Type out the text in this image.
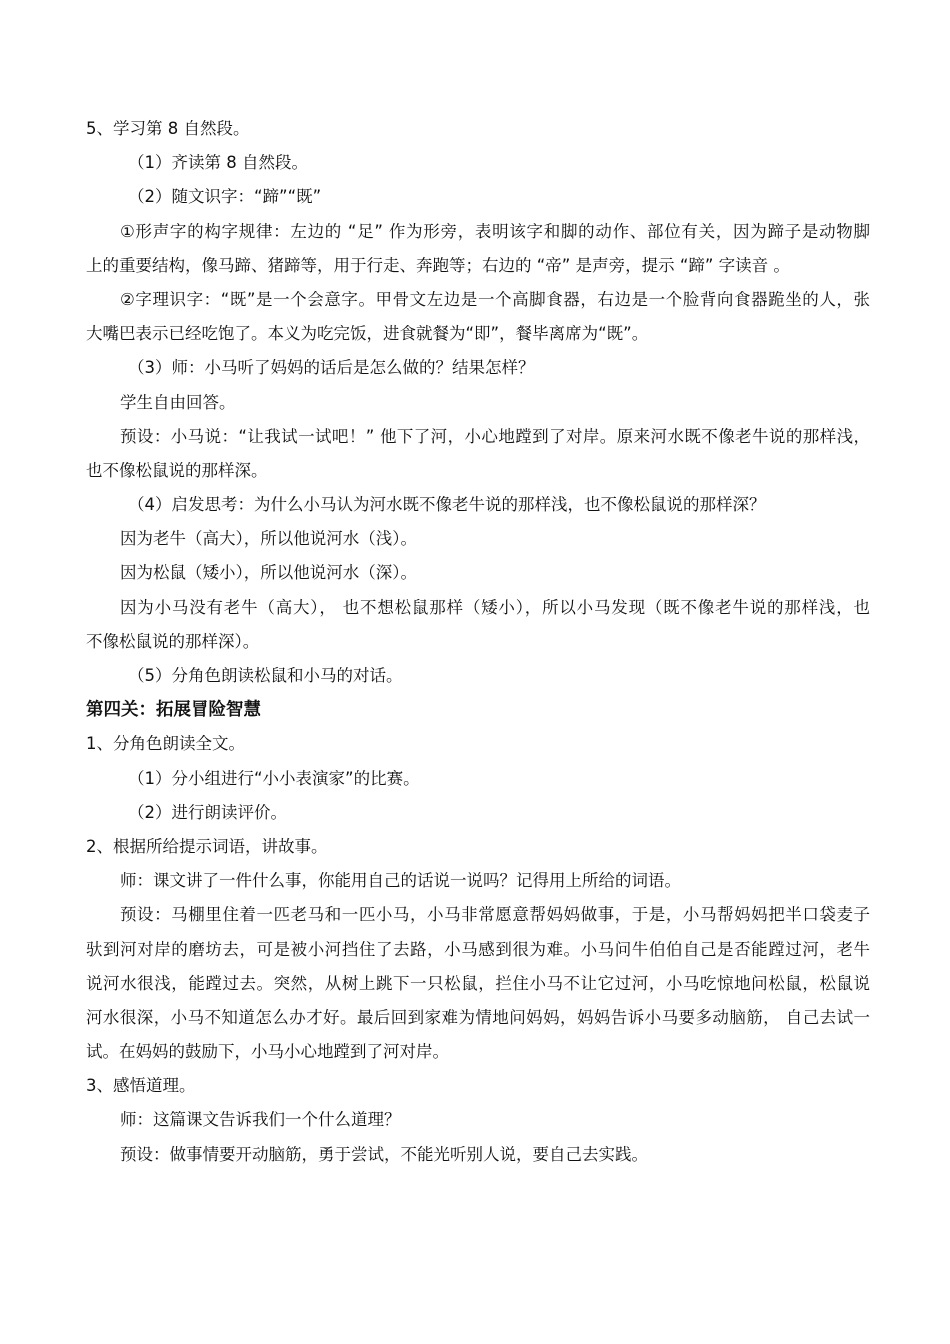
5、学习第 8 自然段。
（1）齐读第 8 自然段。
（2）随文识字：“蹄”“既”
①形声字的构字规律：左边的 “足” 作为形旁，表明该字和脚的动作、部位有关，因为蹄子是动物脚
上的重要结构，像马蹄、猪蹄等，用于行走、奔跑等；右边的 “帝” 是声旁，提示 “蹄” 字读音 。
②字理识字：“既”是一个会意字。甲骨文左边是一个高脚食器，右边是一个脸背向食器跪坐的人，张
大嘴巴表示已经吃饱了。本义为吃完饭，进食就餐为“即”，餐毕离席为“既”。
（3）师：小马听了妈妈的话后是怎么做的？结果怎样？
学生自由回答。
预设：小马说：“让我试一试吧！” 他下了河，小心地蹚到了对岸。原来河水既不像老牛说的那样浅，
也不像松鼠说的那样深。
（4）启发思考：为什么小马认为河水既不像老牛说的那样浅，也不像松鼠说的那样深？
因为老牛（高大），所以他说河水（浅）。
因为松鼠（矮小），所以他说河水（深）。
因为小马没有老牛（高大）， 也不想松鼠那样（矮小），所以小马发现（既不像老牛说的那样浅，也
不像松鼠说的那样深）。
（5）分角色朗读松鼠和小马的对话。
第四关：拓展冒险智慧
1、分角色朗读全文。
（1）分小组进行“小小表演家”的比赛。
（2）进行朗读评价。
2、根据所给提示词语，讲故事。
师：课文讲了一件什么事，你能用自己的话说一说吗？记得用上所给的词语。
预设：马棚里住着一匹老马和一匹小马，小马非常愿意帮妈妈做事，于是，小马帮妈妈把半口袋麦子
驮到河对岸的磨坊去，可是被小河挡住了去路，小马感到很为难。小马问牛伯伯自己是否能蹚过河，老牛
说河水很浅，能蹚过去。突然，从树上跳下一只松鼠，拦住小马不让它过河，小马吃惊地问松鼠，松鼠说
河水很深，小马不知道怎么办才好。最后回到家难为情地问妈妈，妈妈告诉小马要多动脑筋， 自己去试一
试。在妈妈的鼓励下，小马小心地蹚到了河对岸。
3、感悟道理。
师：这篇课文告诉我们一个什么道理？
预设：做事情要开动脑筋，勇于尝试，不能光听别人说，要自己去实践。
